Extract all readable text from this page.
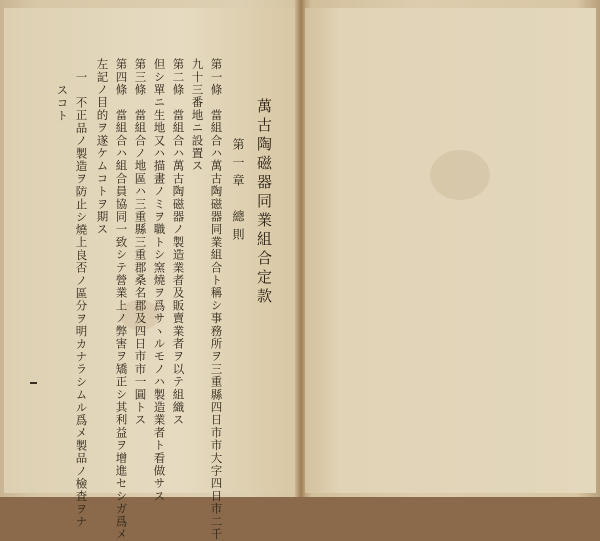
萬古陶磁器同業組合定款
第一章　總則
第一條　當組合ハ萬古陶磁器同業組合ト稱シ事務所ヲ三重縣四日市市大字四日市二千
九十三番地ニ設置ス
第二條　當組合ハ萬古陶磁器ノ製造業者及販賣業者ヲ以テ組織ス
但シ單ニ生地又ハ描畫ノミヲ職トシ窯燒ヲ爲サヽルモノハ製造業者ト看做サス
第三條　當組合ノ地區ハ三重縣三重郡桑名郡及四日市市一圓トス
第四條　當組合ハ組合員協同一致シテ營業上ノ弊害ヲ矯正シ其利益ヲ增進セシガ爲メ
左記ノ目的ヲ遂ケムコトヲ期ス
一　不正品ノ製造ヲ防止シ燒上良否ノ區分ヲ明カナラシムル爲メ製品ノ檢査ヲナ
スコト
